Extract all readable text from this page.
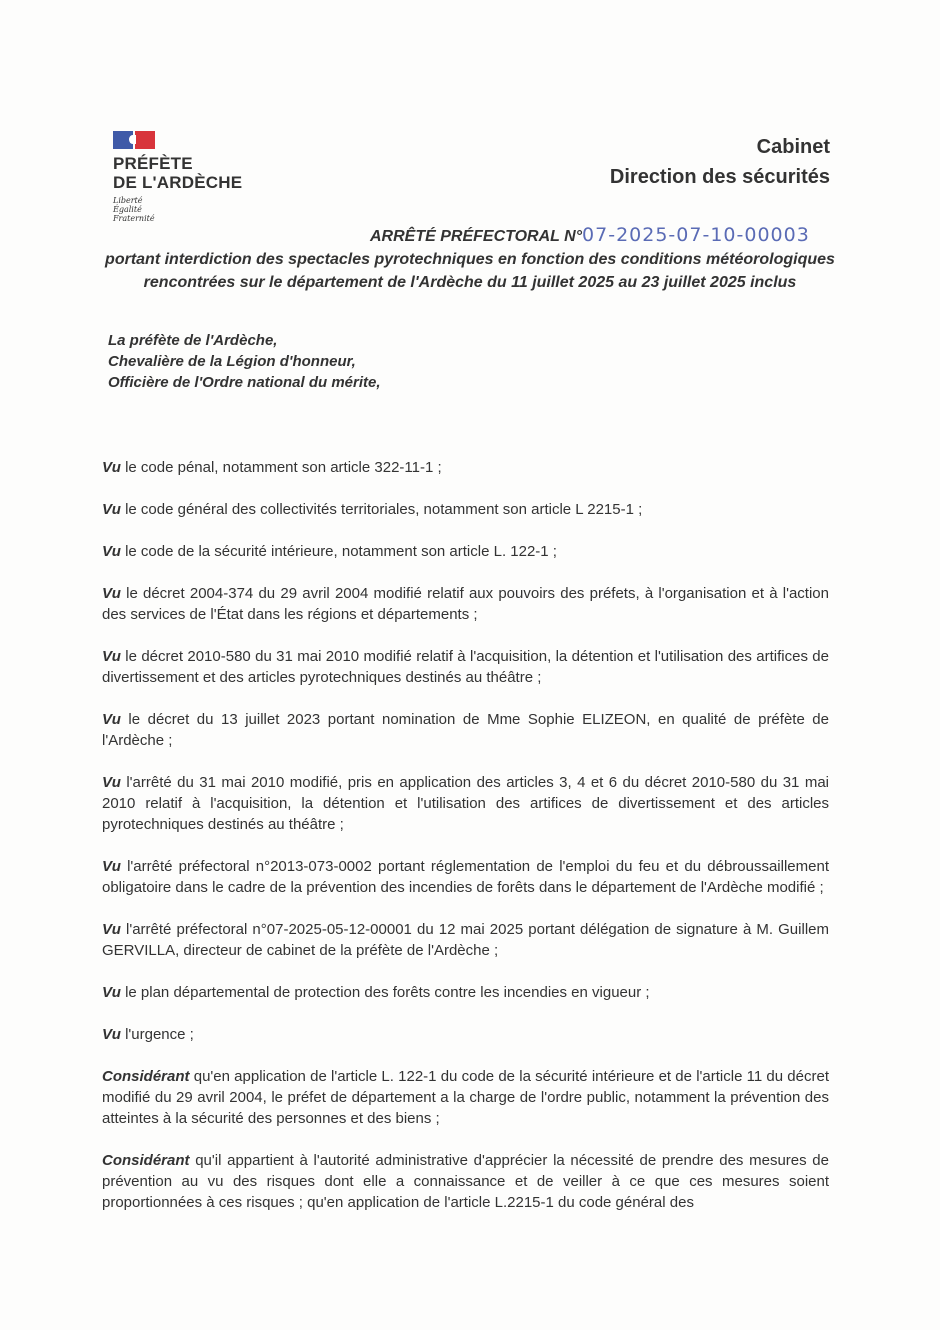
PRÉFÈTE
DE L'ARDÈCHE
Liberté
Égalité
Fraternité
Cabinet
Direction des sécurités
ARRÊTÉ PRÉFECTORAL N°07-2025-07-10-00003
portant interdiction des spectacles pyrotechniques en fonction des conditions météorologiques rencontrées sur le département de l'Ardèche du 11 juillet 2025 au 23 juillet 2025 inclus
La préfète de l'Ardèche,
Chevalière de la Légion d'honneur,
Officière de l'Ordre national du mérite,

Vu le code pénal, notamment son article 322-11-1 ;

Vu le code général des collectivités territoriales, notamment son article L 2215-1 ;

Vu le code de la sécurité intérieure, notamment son article L. 122-1 ;

Vu le décret 2004-374 du 29 avril 2004 modifié relatif aux pouvoirs des préfets, à l'organisation et à l'action des services de l'État dans les régions et départements ;

Vu le décret 2010-580 du 31 mai 2010 modifié relatif à l'acquisition, la détention et l'utilisation des artifices de divertissement et des articles pyrotechniques destinés au théâtre ;

Vu le décret du 13 juillet 2023 portant nomination de Mme Sophie ELIZEON, en qualité de préfète de l'Ardèche ;

Vu l'arrêté du 31 mai 2010 modifié, pris en application des articles 3, 4 et 6 du décret 2010-580 du 31 mai 2010 relatif à l'acquisition, la détention et l'utilisation des artifices de divertissement et des articles pyrotechniques destinés au théâtre ;

Vu l'arrêté préfectoral n°2013-073-0002 portant réglementation de l'emploi du feu et du débroussaillement obligatoire dans le cadre de la prévention des incendies de forêts dans le département de l'Ardèche modifié ;

Vu l'arrêté préfectoral n°07-2025-05-12-00001 du 12 mai 2025 portant délégation de signature à M. Guillem GERVILLA, directeur de cabinet de la préfète de l'Ardèche ;

Vu le plan départemental de protection des forêts contre les incendies en vigueur ;

Vu l'urgence ;

Considérant qu'en application de l'article L. 122-1 du code de la sécurité intérieure et de l'article 11 du décret modifié du 29 avril 2004, le préfet de département a la charge de l'ordre public, notamment la prévention des atteintes à la sécurité des personnes et des biens ;

Considérant qu'il appartient à l'autorité administrative d'apprécier la nécessité de prendre des mesures de prévention au vu des risques dont elle a connaissance et de veiller à ce que ces mesures soient proportionnées à ces risques ; qu'en application de l'article L.2215-1 du code général des
